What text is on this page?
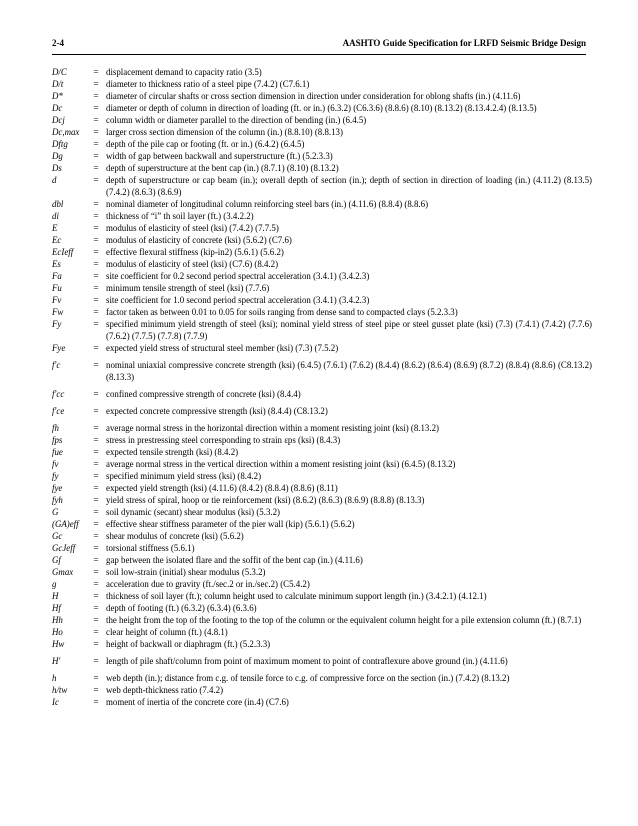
2-4	AASHTO Guide Specification for LRFD Seismic Bridge Design
D/C	= displacement demand to capacity ratio (3.5)
D/t	= diameter to thickness ratio of a steel pipe (7.4.2) (C7.6.1)
D*	= diameter of circular shafts or cross section dimension in direction under consideration for oblong shafts (in.) (4.11.6)
Dc	= diameter or depth of column in direction of loading (ft. or in.) (6.3.2) (C6.3.6) (8.8.6) (8.10) (8.13.2) (8.13.4.2.4) (8.13.5)
Dcj	= column width or diameter parallel to the direction of bending (in.) (6.4.5)
Dc,max	= larger cross section dimension of the column (in.) (8.8.10) (8.8.13)
Dftg	= depth of the pile cap or footing (ft. or in.) (6.4.2) (6.4.5)
Dg	= width of gap between backwall and superstructure (ft.) (5.2.3.3)
Ds	= depth of superstructure at the bent cap (in.) (8.7.1) (8.10) (8.13.2)
d	= depth of superstructure or cap beam (in.); overall depth of section (in.); depth of section in direction of loading (in.) (4.11.2) (8.13.5) (7.4.2) (8.6.3) (8.6.9)
dbl	= nominal diameter of longitudinal column reinforcing steel bars (in.) (4.11.6) (8.8.4) (8.8.6)
di	= thickness of “i” th soil layer (ft.) (3.4.2.2)
E	= modulus of elasticity of steel (ksi) (7.4.2) (7.7.5)
Ec	= modulus of elasticity of concrete (ksi) (5.6.2) (C7.6)
EcIeff	= effective flexural stiffness (kip-in2) (5.6.1) (5.6.2)
Es	= modulus of elasticity of steel (ksi) (C7.6) (8.4.2)
Fa	= site coefficient for 0.2 second period spectral acceleration (3.4.1) (3.4.2.3)
Fu	= minimum tensile strength of steel (ksi) (7.7.6)
Fv	= site coefficient for 1.0 second period spectral acceleration (3.4.1) (3.4.2.3)
Fw	= factor taken as between 0.01 to 0.05 for soils ranging from dense sand to compacted clays (5.2.3.3)
Fy	= specified minimum yield strength of steel (ksi); nominal yield stress of steel pipe or steel gusset plate (ksi) (7.3) (7.4.1) (7.4.2) (7.7.6) (7.6.2) (7.7.5) (7.7.8) (7.7.9)
Fye	= expected yield stress of structural steel member (ksi) (7.3) (7.5.2)
f′c	= nominal uniaxial compressive concrete strength (ksi) (6.4.5) (7.6.1) (7.6.2) (8.4.4) (8.6.2) (8.6.4) (8.6.9) (8.7.2) (8.8.4) (8.8.6) (C8.13.2) (8.13.3)
f′cc	= confined compressive strength of concrete (ksi) (8.4.4)
f′ce	= expected concrete compressive strength (ksi) (8.4.4) (C8.13.2)
fh	= average normal stress in the horizontal direction within a moment resisting joint (ksi) (8.13.2)
fps	= stress in prestressing steel corresponding to strain εps (ksi) (8.4.3)
fue	= expected tensile strength (ksi) (8.4.2)
fv	= average normal stress in the vertical direction within a moment resisting joint (ksi) (6.4.5) (8.13.2)
fy	= specified minimum yield stress (ksi) (8.4.2)
fye	= expected yield strength (ksi) (4.11.6) (8.4.2) (8.8.4) (8.8.6) (8.11)
fyh	= yield stress of spiral, hoop or tie reinforcement (ksi) (8.6.2) (8.6.3) (8.6.9) (8.8.8) (8.13.3)
G	= soil dynamic (secant) shear modulus (ksi) (5.3.2)
(GA)eff	= effective shear stiffness parameter of the pier wall (kip) (5.6.1) (5.6.2)
Gc	= shear modulus of concrete (ksi) (5.6.2)
GcJeff	= torsional stiffness (5.6.1)
Gf	= gap between the isolated flare and the soffit of the bent cap (in.) (4.11.6)
Gmax	= soil low-strain (initial) shear modulus (5.3.2)
g	= acceleration due to gravity (ft./sec.2 or in./sec.2) (C5.4.2)
H	= thickness of soil layer (ft.); column height used to calculate minimum support length (in.) (3.4.2.1) (4.12.1)
Hf	= depth of footing (ft.) (6.3.2) (6.3.4) (6.3.6)
Hh	= the height from the top of the footing to the top of the column or the equivalent column height for a pile extension column (ft.) (8.7.1)
Ho	= clear height of column (ft.) (4.8.1)
Hw	= height of backwall or diaphragm (ft.) (5.2.3.3)
H′	= length of pile shaft/column from point of maximum moment to point of contraflexure above ground (in.) (4.11.6)
h	= web depth (in.); distance from c.g. of tensile force to c.g. of compressive force on the section (in.) (7.4.2) (8.13.2)
h/tw	= web depth-thickness ratio (7.4.2)
Ic	= moment of inertia of the concrete core (in.4) (C7.6)
